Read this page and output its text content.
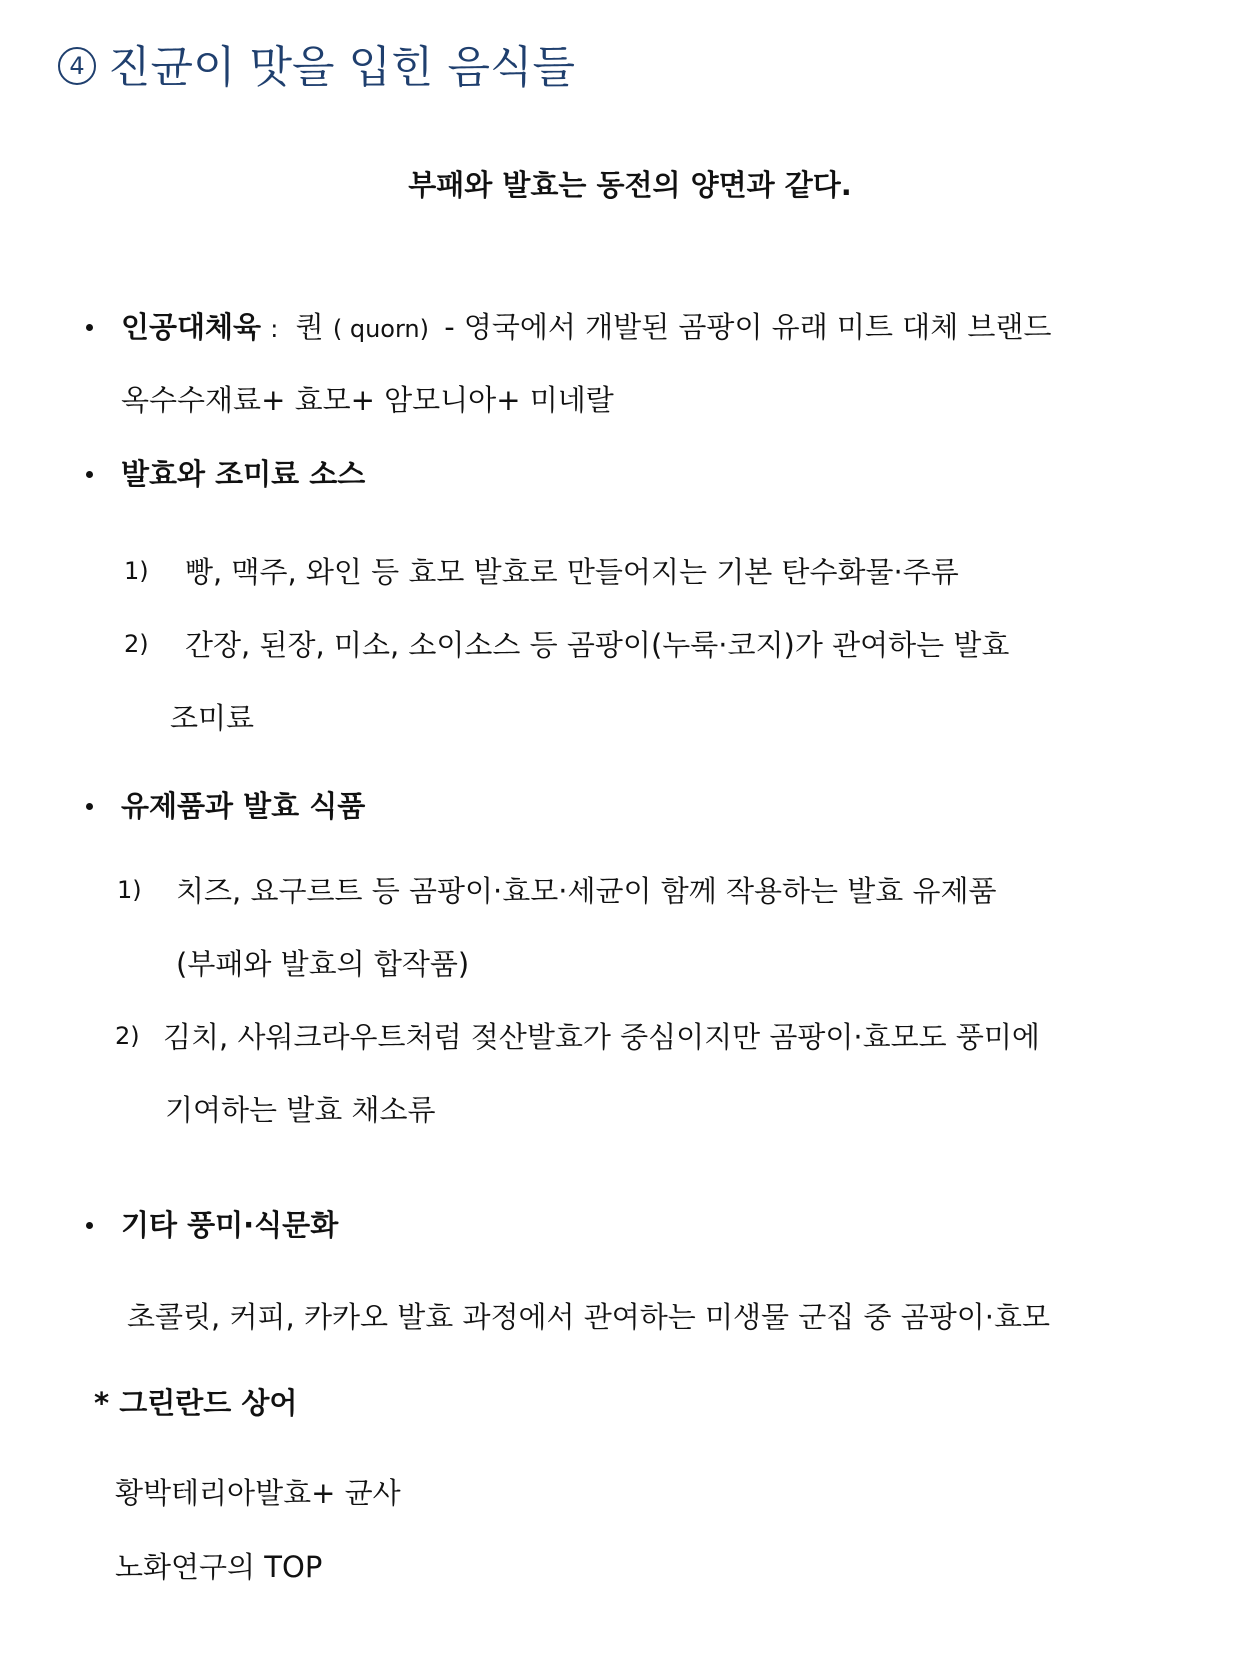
4 진균이 맛을 입힌 음식들
부패와 발효는 동전의 양면과 같다.
인공대체육 : 퀀 ( quorn) - 영국에서 개발된 곰팡이 유래 미트 대체 브랜드
옥수수재료+ 효모+ 암모니아+ 미네랄
발효와 조미료 소스
1) 빵, 맥주, 와인 등 효모 발효로 만들어지는 기본 탄수화물·주류
2) 간장, 된장, 미소, 소이소스 등 곰팡이(누룩·코지)가 관여하는 발효
조미료
유제품과 발효 식품
1) 치즈, 요구르트 등 곰팡이·효모·세균이 함께 작용하는 발효 유제품
(부패와 발효의 합작품)
2) 김치, 사워크라우트처럼 젖산발효가 중심이지만 곰팡이·효모도 풍미에
기여하는 발효 채소류
기타 풍미·식문화
초콜릿, 커피, 카카오 발효 과정에서 관여하는 미생물 군집 중 곰팡이·효모
* 그린란드 상어
황박테리아발효+ 균사
노화연구의 TOP
